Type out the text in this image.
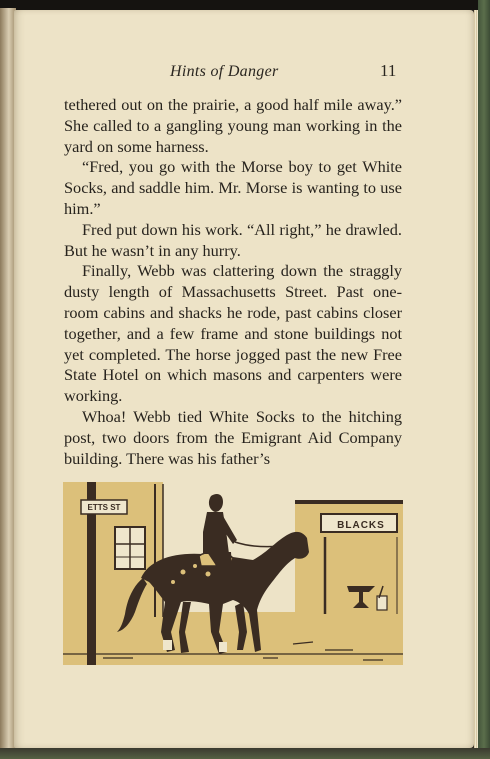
Hints of Danger	11

tethered out on the prairie, a good half mile away.” She called to a gangling young man working in the yard on some harness.

“Fred, you go with the Morse boy to get White Socks, and saddle him. Mr. Morse is wanting to use him.”

Fred put down his work. “All right,” he drawled. But he wasn’t in any hurry.

Finally, Webb was clattering down the straggly dusty length of Massachusetts Street. Past one-room cabins and shacks he rode, past cabins closer together, and a few frame and stone buildings not yet completed. The horse jogged past the new Free State Hotel on which masons and carpenters were working.

Whoa! Webb tied White Socks to the hitching post, two doors from the Emigrant Aid Company building. There was his father’s

ETTS ST
BLACKS
